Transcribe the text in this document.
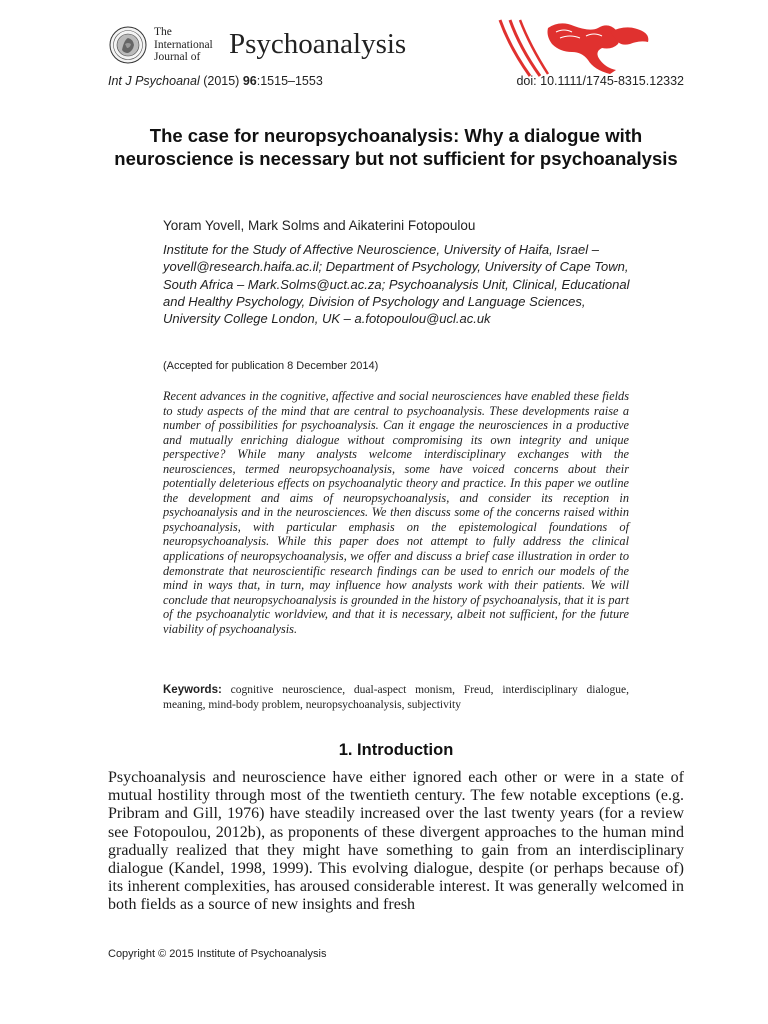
The
International
Journal of Psychoanalysis
Int J Psychoanal (2015) 96:1515–1553	doi: 10.1111/1745-8315.12332
The case for neuropsychoanalysis: Why a dialogue with neuroscience is necessary but not sufficient for psychoanalysis
Yoram Yovell, Mark Solms and Aikaterini Fotopoulou
Institute for the Study of Affective Neuroscience, University of Haifa, Israel – yovell@research.haifa.ac.il; Department of Psychology, University of Cape Town, South Africa – Mark.Solms@uct.ac.za; Psychoanalysis Unit, Clinical, Educational and Healthy Psychology, Division of Psychology and Language Sciences, University College London, UK – a.fotopoulou@ucl.ac.uk
(Accepted for publication 8 December 2014)

Recent advances in the cognitive, affective and social neurosciences have enabled these fields to study aspects of the mind that are central to psychoanalysis. These developments raise a number of possibilities for psychoanalysis. Can it engage the neurosciences in a productive and mutually enriching dialogue without compromising its own integrity and unique perspective? While many analysts welcome interdisciplinary exchanges with the neurosciences, termed neuropsychoanalysis, some have voiced concerns about their potentially deleterious effects on psychoanalytic theory and practice. In this paper we outline the development and aims of neuropsychoanalysis, and consider its reception in psychoanalysis and in the neurosciences. We then discuss some of the concerns raised within psychoanalysis, with particular emphasis on the epistemological foundations of neuropsychoanalysis. While this paper does not attempt to fully address the clinical applications of neuropsychoanalysis, we offer and discuss a brief case illustration in order to demonstrate that neuroscientific research findings can be used to enrich our models of the mind in ways that, in turn, may influence how analysts work with their patients. We will conclude that neuropsychoanalysis is grounded in the history of psychoanalysis, that it is part of the psychoanalytic worldview, and that it is necessary, albeit not sufficient, for the future viability of psychoanalysis.

Keywords: cognitive neuroscience, dual-aspect monism, Freud, interdisciplinary dialogue, meaning, mind-body problem, neuropsychoanalysis, subjectivity
1. Introduction

Psychoanalysis and neuroscience have either ignored each other or were in a state of mutual hostility through most of the twentieth century. The few notable exceptions (e.g. Pribram and Gill, 1976) have steadily increased over the last twenty years (for a review see Fotopoulou, 2012b), as proponents of these divergent approaches to the human mind gradually realized that they might have something to gain from an interdisciplinary dialogue (Kandel, 1998, 1999). This evolving dialogue, despite (or perhaps because of) its inherent complexities, has aroused considerable interest. It was generally welcomed in both fields as a source of new insights and fresh

Copyright © 2015 Institute of Psychoanalysis
